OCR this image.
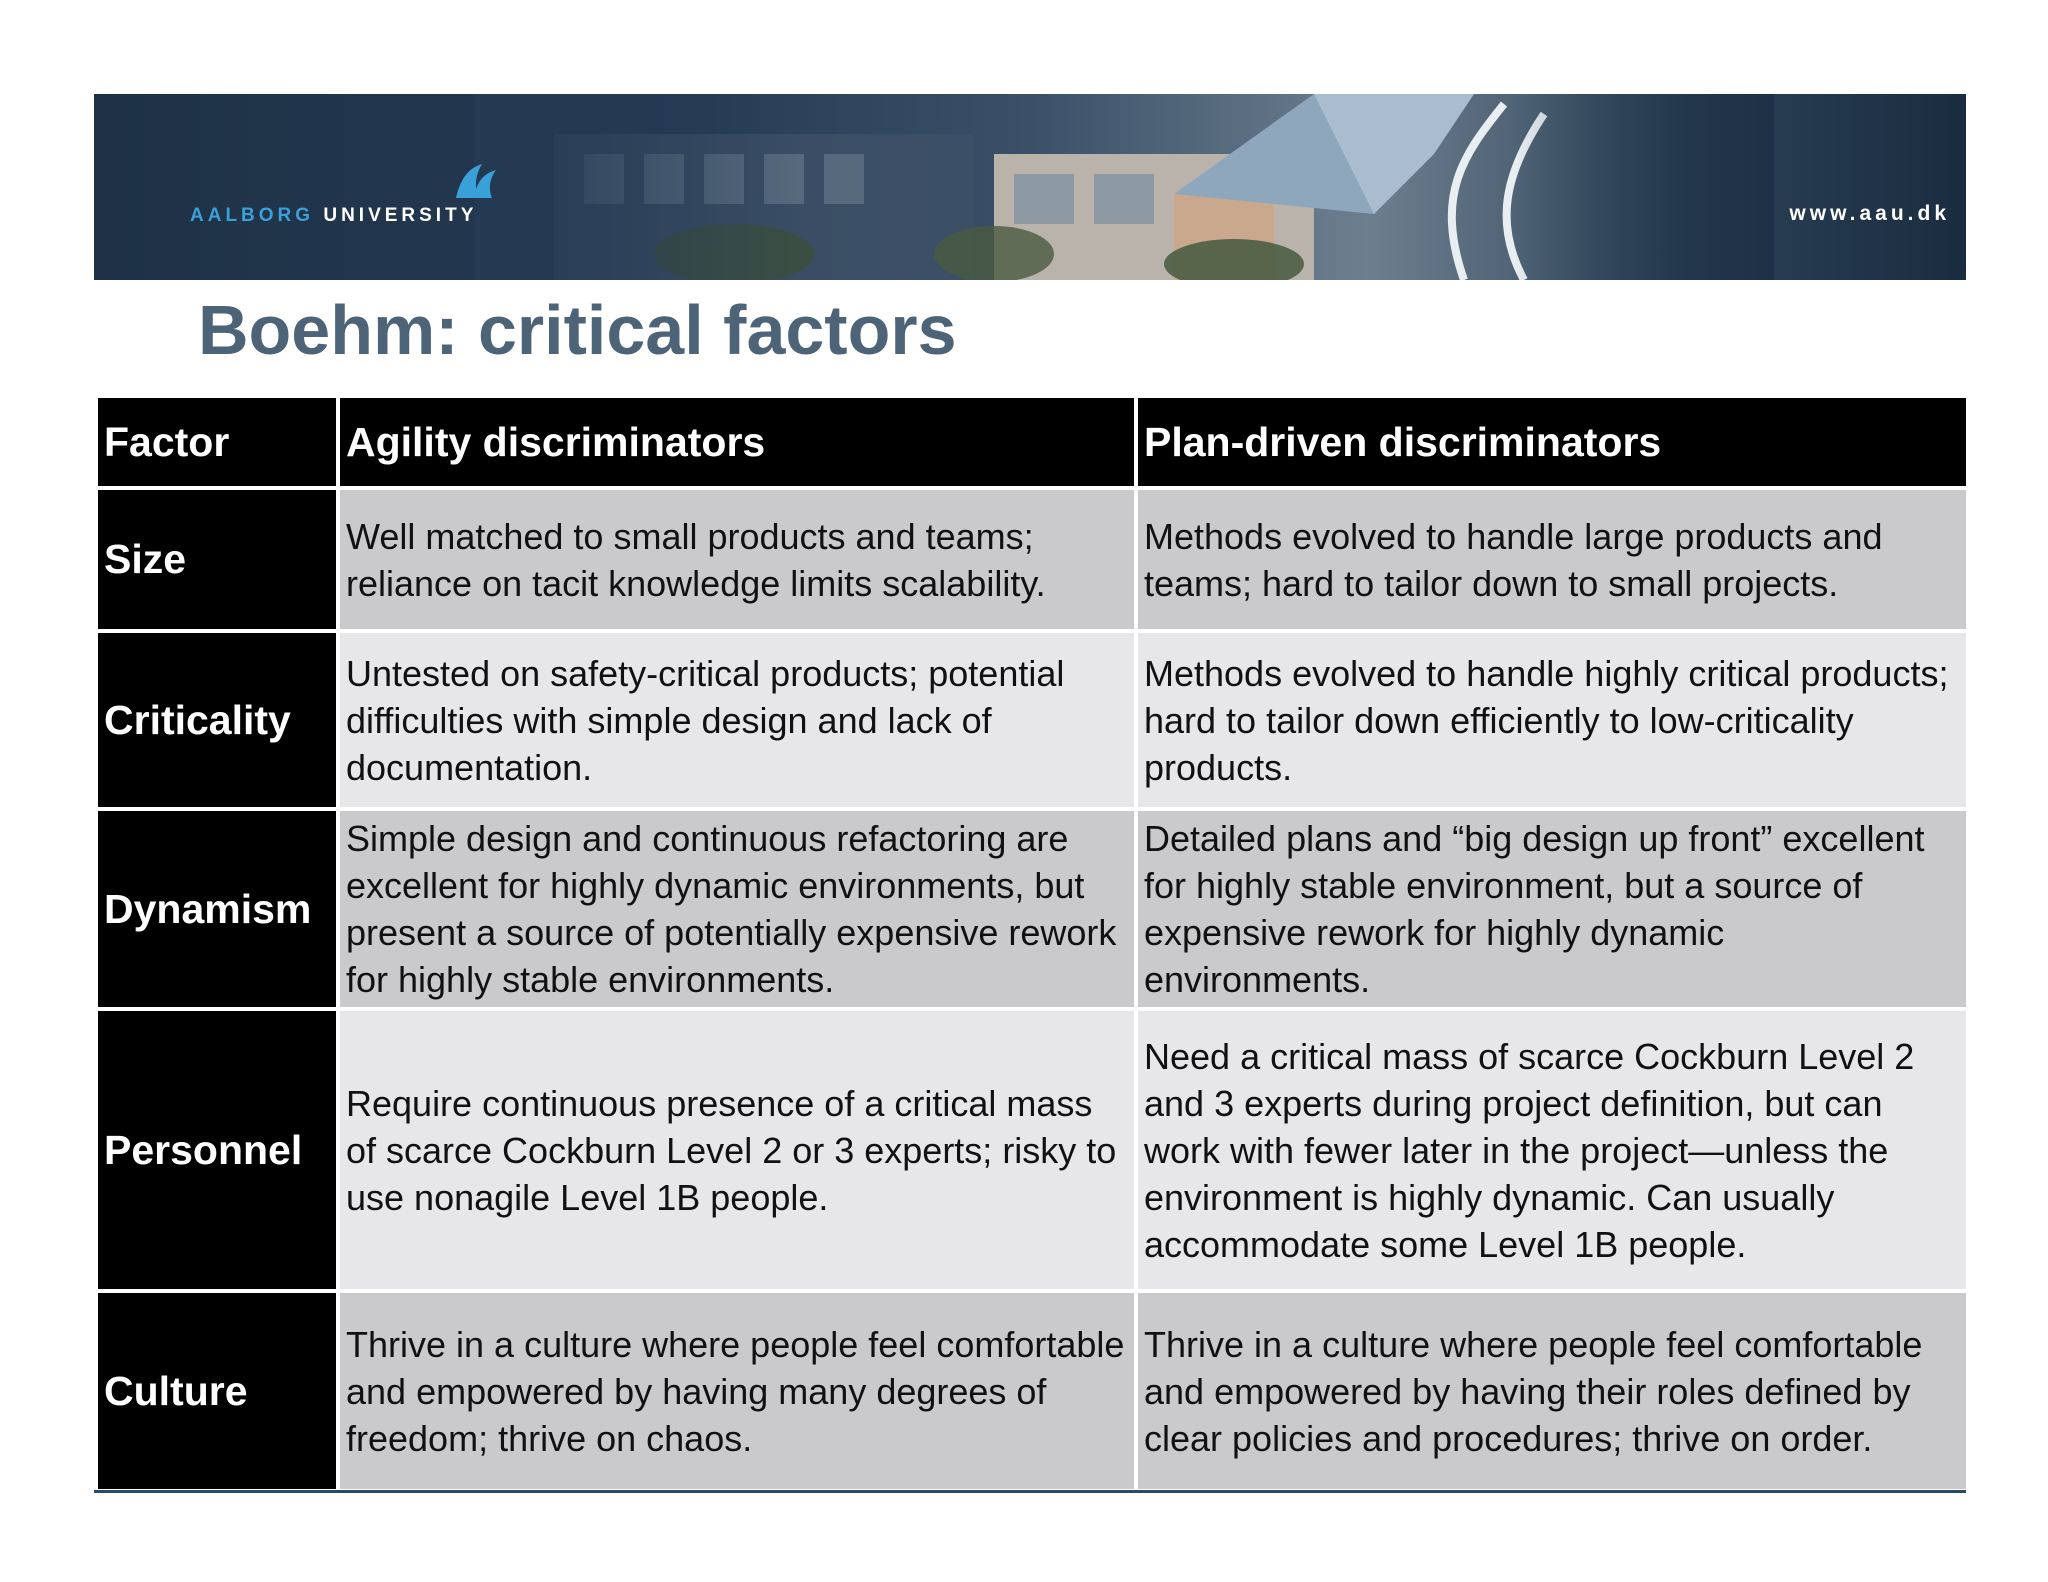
AALBORG UNIVERSITY	www.aau.dk
Boehm: critical factors
Factor	Agility discriminators	Plan-driven discriminators
Size	Well matched to small products and teams; reliance on tacit knowledge limits scalability.	Methods evolved to handle large products and teams; hard to tailor down to small projects.
Criticality	Untested on safety-critical products; potential difficulties with simple design and lack of documentation.	Methods evolved to handle highly critical products; hard to tailor down efficiently to low-criticality products.
Dynamism	Simple design and continuous refactoring are excellent for highly dynamic environments, but present a source of potentially expensive rework for highly stable environments.	Detailed plans and “big design up front” excellent for highly stable environment, but a source of expensive rework for highly dynamic environments.
Personnel	Require continuous presence of a critical mass of scarce Cockburn Level 2 or 3 experts; risky to use nonagile Level 1B people.	Need a critical mass of scarce Cockburn Level 2 and 3 experts during project definition, but can work with fewer later in the project—unless the environment is highly dynamic. Can usually accommodate some Level 1B people.
Culture	Thrive in a culture where people feel comfortable and empowered by having many degrees of freedom; thrive on chaos.	Thrive in a culture where people feel comfortable and empowered by having their roles defined by clear policies and procedures; thrive on order.
